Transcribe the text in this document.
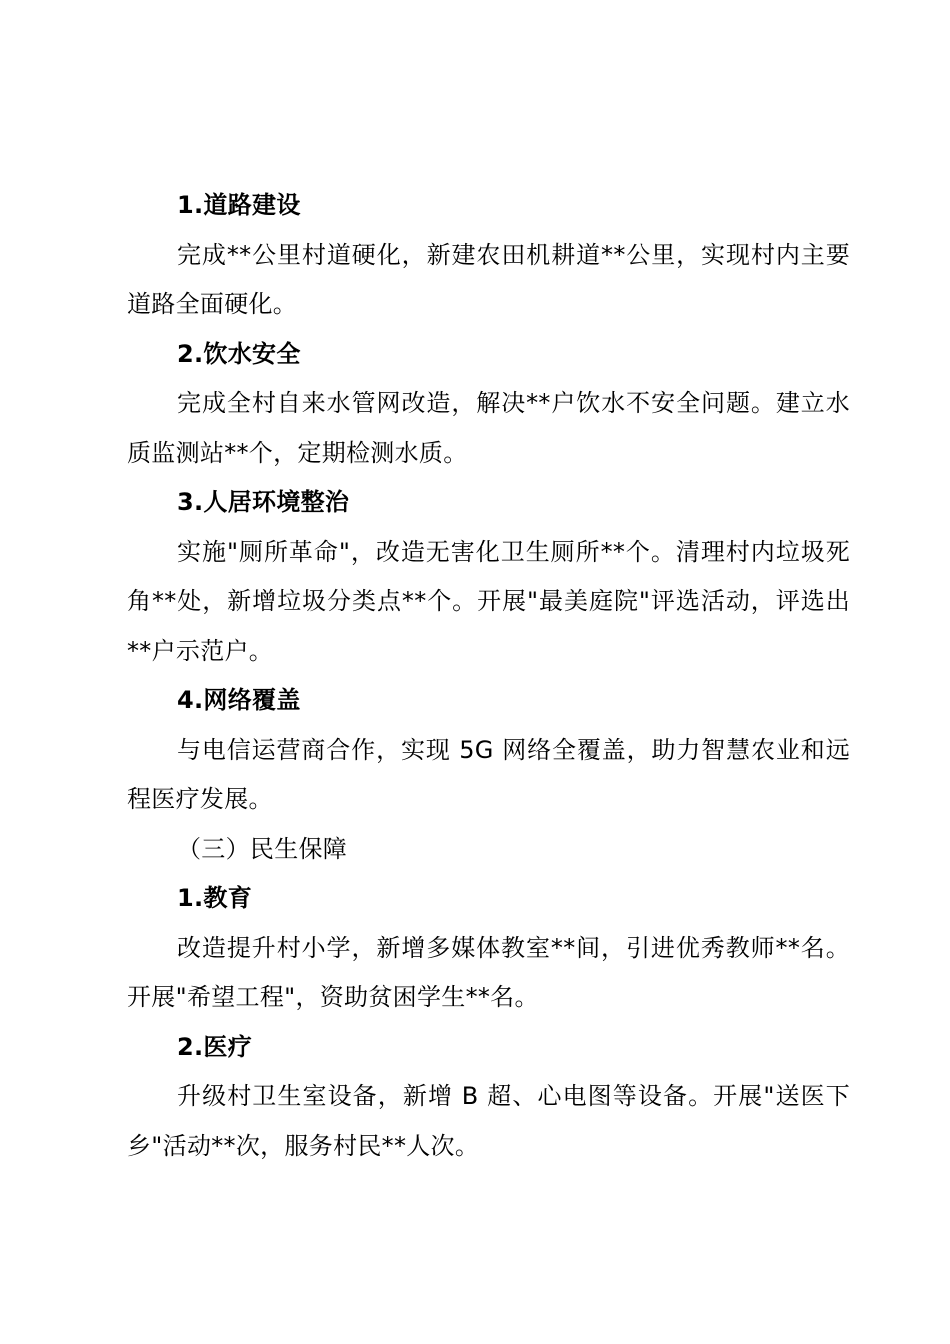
1.道路建设

完成**公里村道硬化，新建农田机耕道**公里，实现村内主要道路全面硬化。

2.饮水安全

完成全村自来水管网改造，解决**户饮水不安全问题。建立水质监测站**个，定期检测水质。

3.人居环境整治

实施"厕所革命"，改造无害化卫生厕所**个。清理村内垃圾死角**处，新增垃圾分类点**个。开展"最美庭院"评选活动，评选出**户示范户。

4.网络覆盖

与电信运营商合作，实现 5G 网络全覆盖，助力智慧农业和远程医疗发展。

（三）民生保障

1.教育

改造提升村小学，新增多媒体教室**间，引进优秀教师**名。开展"希望工程"，资助贫困学生**名。

2.医疗

升级村卫生室设备，新增 B 超、心电图等设备。开展"送医下乡"活动**次，服务村民**人次。
